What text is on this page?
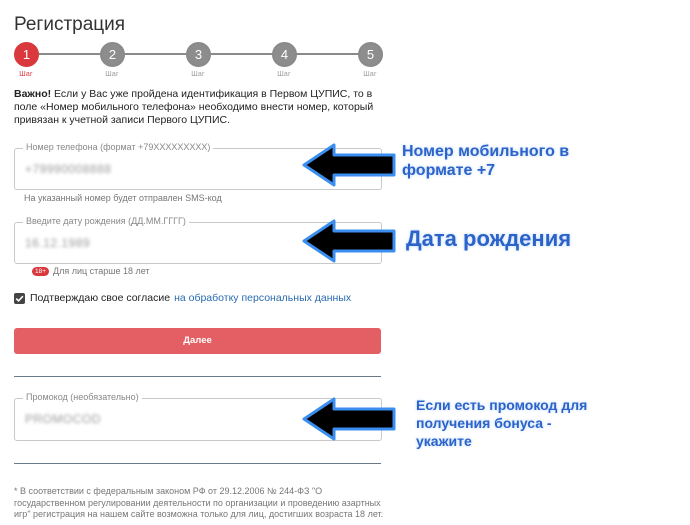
Регистрация
1
Шаг
2
Шаг
3
Шаг
4
Шаг
5
Шаг
Важно! Если у Вас уже пройдена идентификация в Первом ЦУПИС, то в поле «Номер мобильного телефона» необходимо внести номер, который привязан к учетной записи Первого ЦУПИС.
Номер телефона (формат +79XXXXXXXXX)
+79990008888
На указанный номер будет отправлен SMS-код
Введите дату рождения (ДД.ММ.ГГГГ)
16.12.1989
18+ Для лиц старше 18 лет
Подтверждаю свое согласие на обработку персональных данных
Далее
Промокод (необязательно)
PROMOCOD
* В соответствии с федеральным законом РФ от 29.12.2006 № 244-ФЗ "О государственном регулировании деятельности по организации и проведению азартных игр" регистрация на нашем сайте возможна только для лиц, достигших возраста 18 лет.
Номер мобильного в
формате +7
Дата рождения
Если есть промокод для
получения бонуса -
укажите
